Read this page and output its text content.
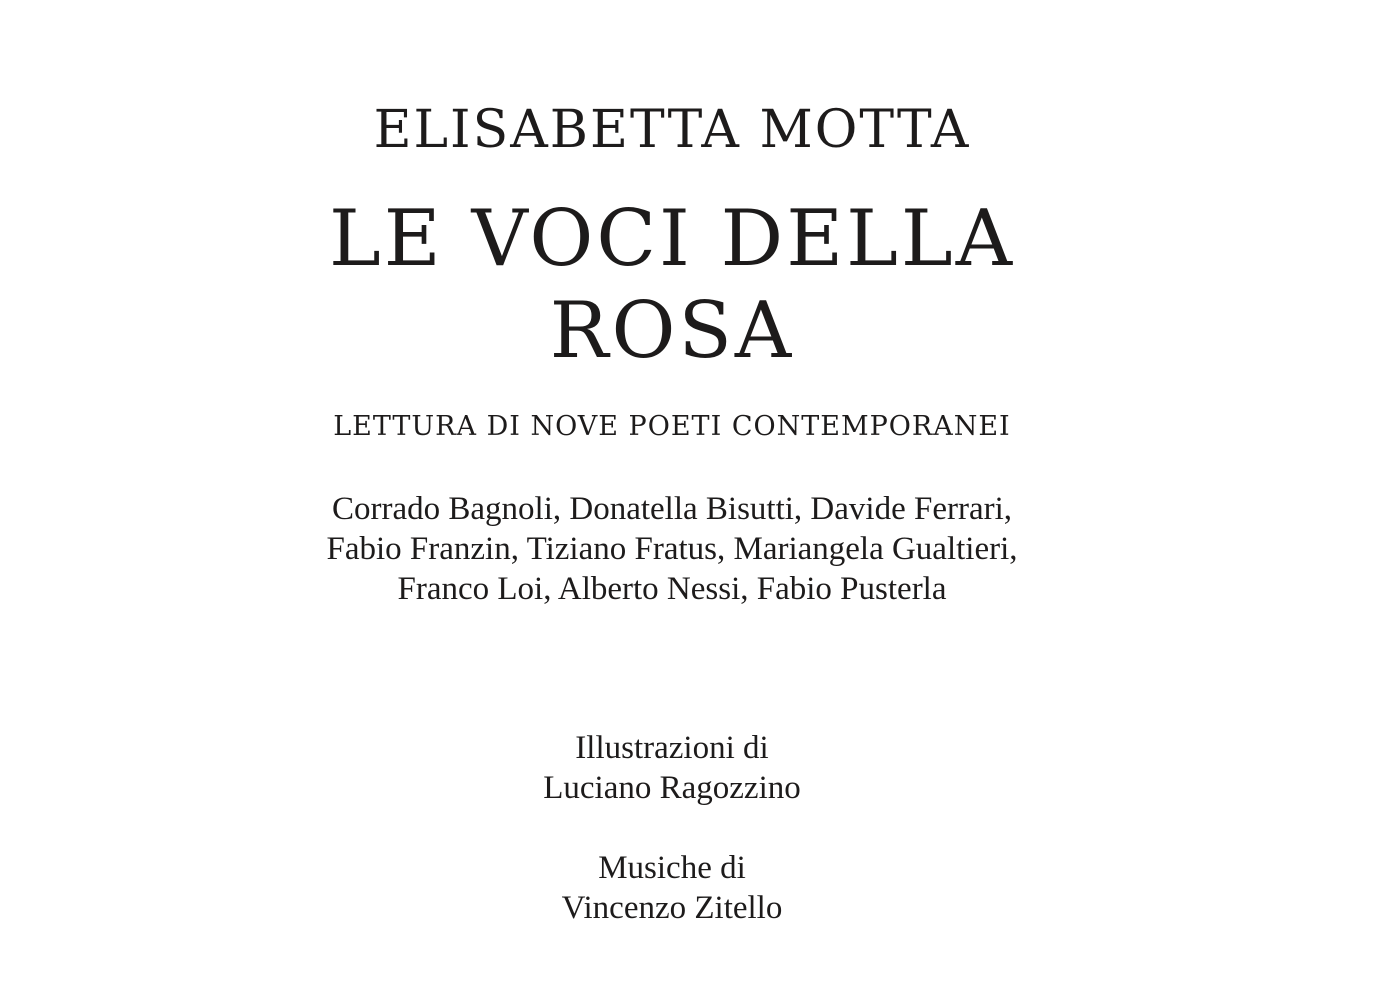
ELISABETTA MOTTA
LE VOCI DELLA
ROSA
LETTURA DI NOVE POETI CONTEMPORANEI
Corrado Bagnoli, Donatella Bisutti, Davide Ferrari,
Fabio Franzin, Tiziano Fratus, Mariangela Gualtieri,
Franco Loi, Alberto Nessi, Fabio Pusterla
Illustrazioni di
Luciano Ragozzino
Musiche di
Vincenzo Zitello
